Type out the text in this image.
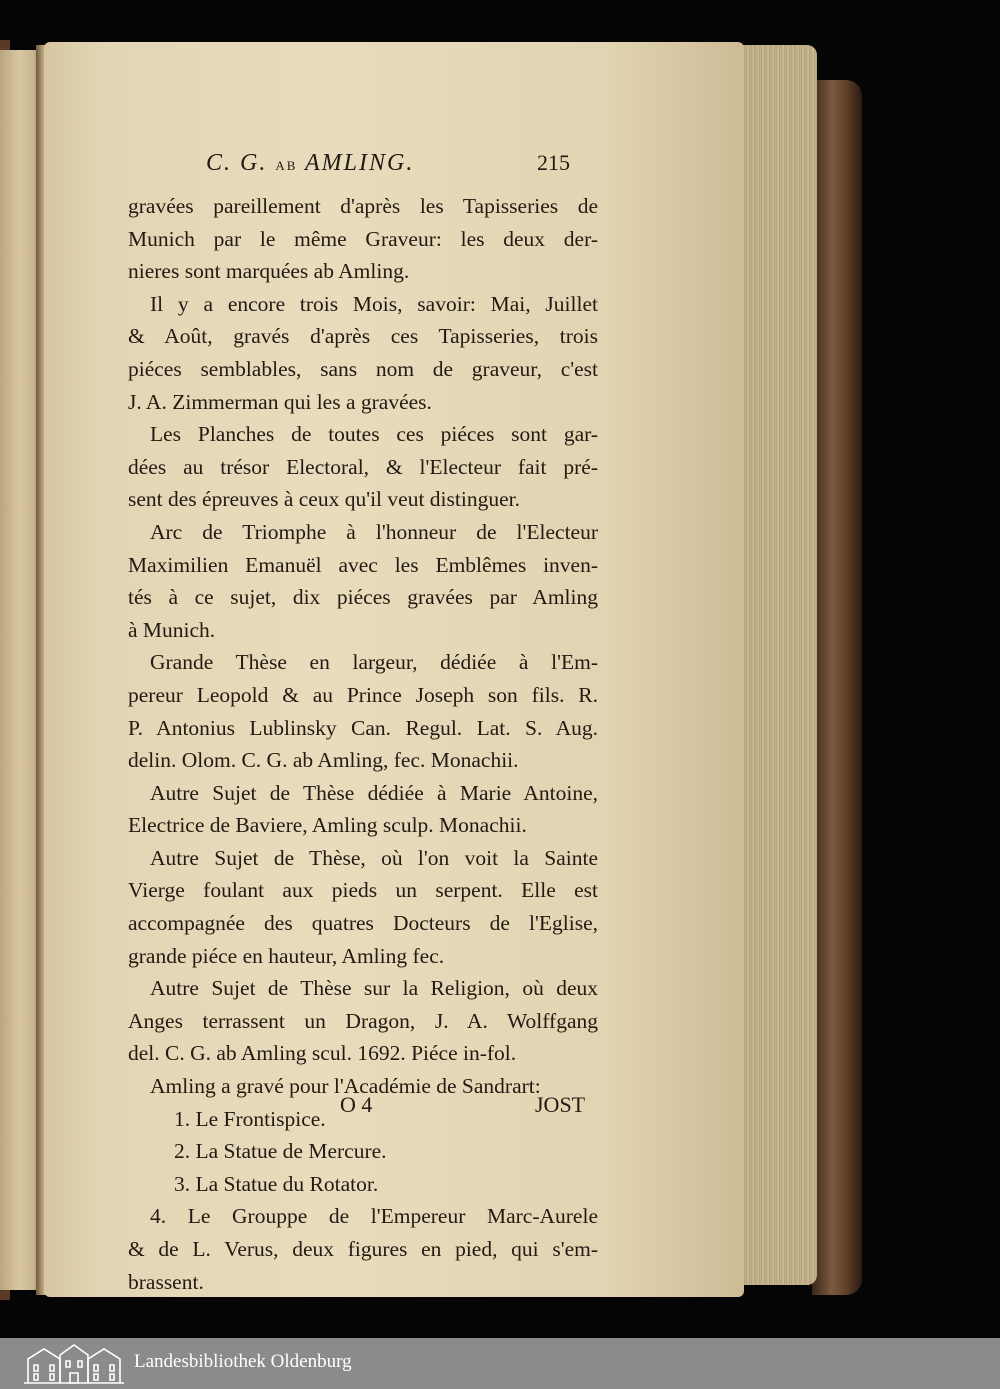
C. G. AB AMLING.	215
gravées pareillement d'après les Tapisseries de
Munich par le même Graveur: les deux der-
nieres sont marquées ab Amling.
Il y a encore trois Mois, savoir: Mai, Juillet
& Août, gravés d'après ces Tapisseries, trois
piéces semblables, sans nom de graveur, c'est
J. A. Zimmerman qui les a gravées.
Les Planches de toutes ces piéces sont gar-
dées au trésor Electoral, & l'Electeur fait pré-
sent des épreuves à ceux qu'il veut distinguer.
Arc de Triomphe à l'honneur de l'Electeur
Maximilien Emanuël avec les Emblêmes inven-
tés à ce sujet, dix piéces gravées par Amling
à Munich.
Grande Thèse en largeur, dédiée à l'Em-
pereur Leopold & au Prince Joseph son fils. R.
P. Antonius Lublinsky Can. Regul. Lat. S. Aug.
delin. Olom. C. G. ab Amling, fec. Monachii.
Autre Sujet de Thèse dédiée à Marie Antoine,
Electrice de Baviere, Amling sculp. Monachii.
Autre Sujet de Thèse, où l'on voit la Sainte
Vierge foulant aux pieds un serpent. Elle est
accompagnée des quatres Docteurs de l'Eglise,
grande piéce en hauteur, Amling fec.
Autre Sujet de Thèse sur la Religion, où deux
Anges terrassent un Dragon, J. A. Wolffgang
del. C. G. ab Amling scul. 1692. Piéce in-fol.
Amling a gravé pour l'Académie de Sandrart:
1. Le Frontispice.
2. La Statue de Mercure.
3. La Statue du Rotator.
4. Le Grouppe de l'Empereur Marc-Aurele
& de L. Verus, deux figures en pied, qui s'em-
brassent.
O 4	JOST
Landesbibliothek Oldenburg
